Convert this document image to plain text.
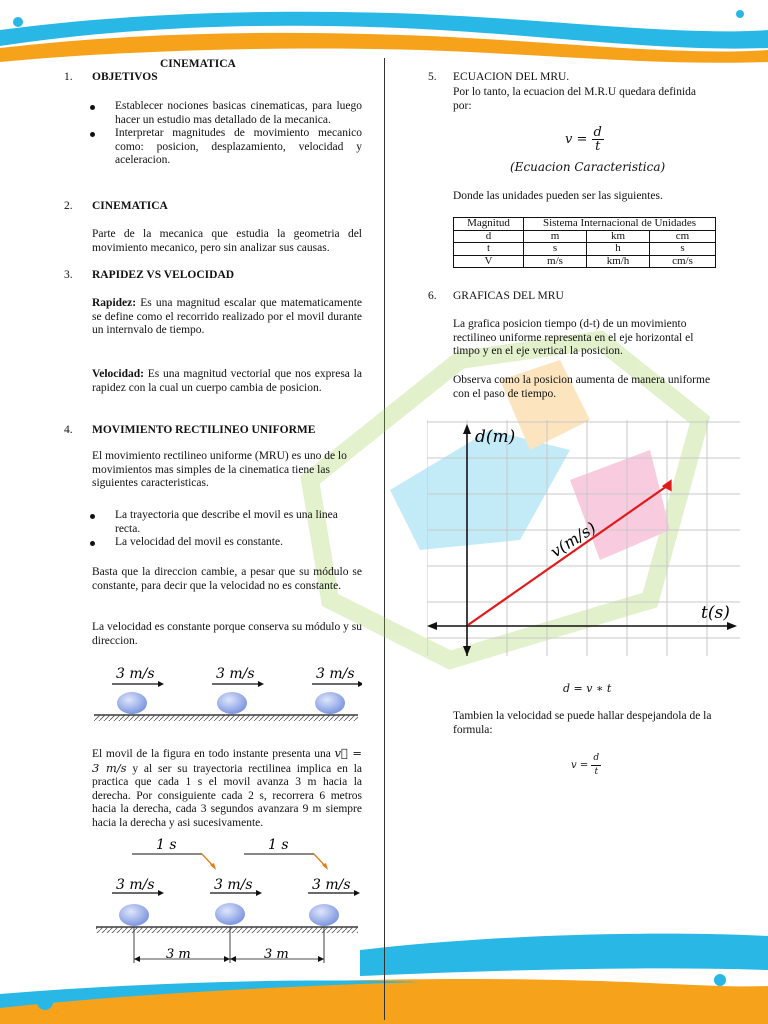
CINEMATICA
1.	OBJETIVOS
Establecer nociones basicas cinematicas, para luego hacer un estudio mas detallado de la mecanica.
Interpretar magnitudes de movimiento mecanico como: posicion, desplazamiento, velocidad y aceleracion.
2.	CINEMATICA
Parte de la mecanica que estudia la geometria del movimiento mecanico, pero sin analizar sus causas.
3.	RAPIDEZ VS VELOCIDAD
Rapidez: Es una magnitud escalar que matematicamente se define como el recorrido realizado por el movil durante un internvalo de tiempo.
Velocidad: Es una magnitud vectorial que nos expresa la rapidez con la cual un cuerpo cambia de posicion.
4.	MOVIMIENTO RECTILINEO UNIFORME
El movimiento rectilineo uniforme (MRU) es uno de lo movimientos mas simples de la cinematica tiene las siguientes caracteristicas.
La trayectoria que describe el movil es una linea recta.
La velocidad del movil es constante.
Basta que la direccion cambie, a pesar que su módulo se constante, para decir que la velocidad no es constante.
La velocidad es constante porque conserva su módulo y su direccion.
3 m/s	3 m/s	3 m/s
El movil de la figura en todo instante presenta una v⃗ = 3 m/s y al ser su trayectoria rectilinea implica en la practica que cada 1 s el movil avanza 3 m hacia la derecha. Por consiguiente cada 2 s, recorrera 6 metros hacia la derecha, cada 3 segundos avanzara 9 m siempre hacia la derecha y asi sucesivamente.
1 s	1 s
3 m/s	3 m/s	3 m/s
3 m	3 m
5.	ECUACION DEL MRU.
Por lo tanto, la ecuacion del M.R.U quedara definida por:
$v = \frac{d}{t}$
(Ecuacion Caracteristica)
Donde las unidades pueden ser las siguientes.
Magnitud	Sistema Internacional de Unidades		
d	m	km	cm
t	s	h	s
V	m/s	km/h	cm/s
6.	GRAFICAS DEL MRU
La grafica posicion tiempo (d-t) de un movimiento rectilineo uniforme representa en el eje horizontal el timpo y en el eje vertical la posicion.
Observa como la posicion aumenta de manera uniforme con el paso de tiempo.
d(m)
t(s)
v(m/s)
d = v ∗ t
Tambien la velocidad se puede hallar despejandola de la formula:
$v = \frac{d}{t}$
